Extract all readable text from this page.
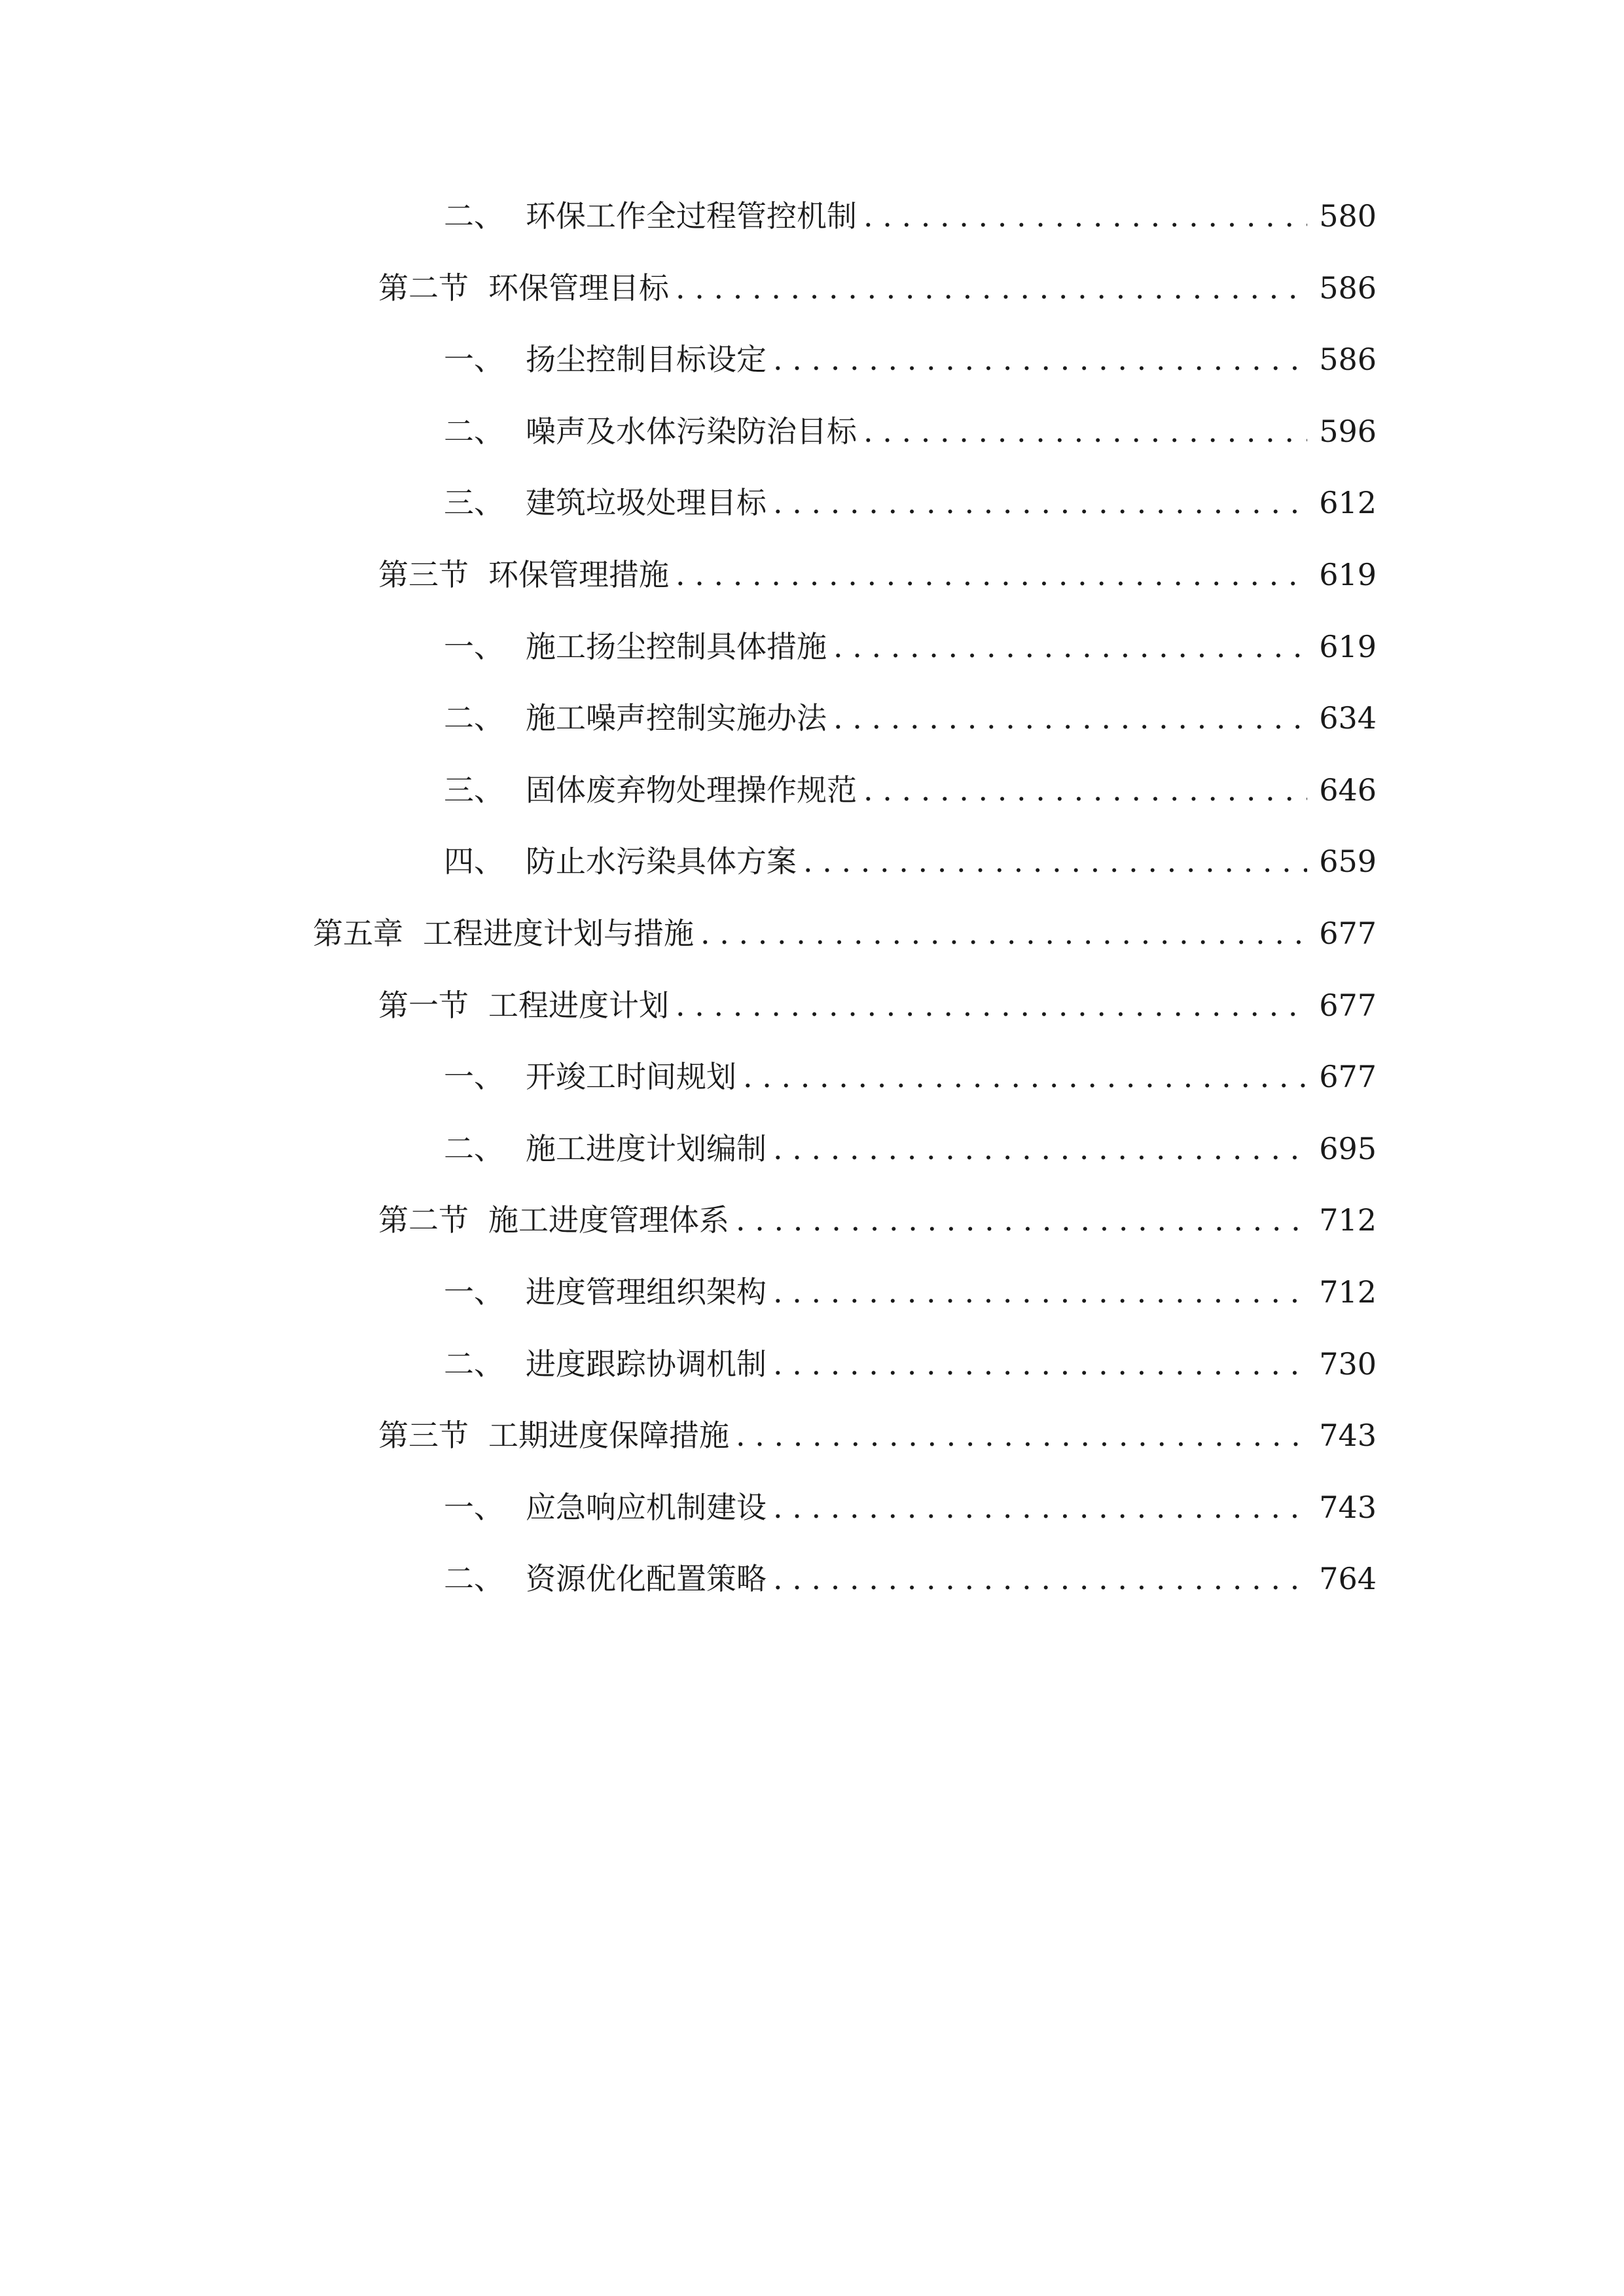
二、 环保工作全过程管控机制 . . .	580
第二节 环保管理目标 . . .	586
一、 扬尘控制目标设定 . . .	586
二、 噪声及水体污染防治目标 . . .	596
三、 建筑垃圾处理目标 . . .	612
第三节 环保管理措施 . . .	619
一、 施工扬尘控制具体措施 . . .	619
二、 施工噪声控制实施办法 . . .	634
三、 固体废弃物处理操作规范 . . .	646
四、 防止水污染具体方案 . . .	659
第五章 工程进度计划与措施 . . .	677
第一节 工程进度计划 . . .	677
一、 开竣工时间规划 . . .	677
二、 施工进度计划编制 . . .	695
第二节 施工进度管理体系 . . .	712
一、 进度管理组织架构 . . .	712
二、 进度跟踪协调机制 . . .	730
第三节 工期进度保障措施 . . .	743
一、 应急响应机制建设 . . .	743
二、 资源优化配置策略 . . .	764
